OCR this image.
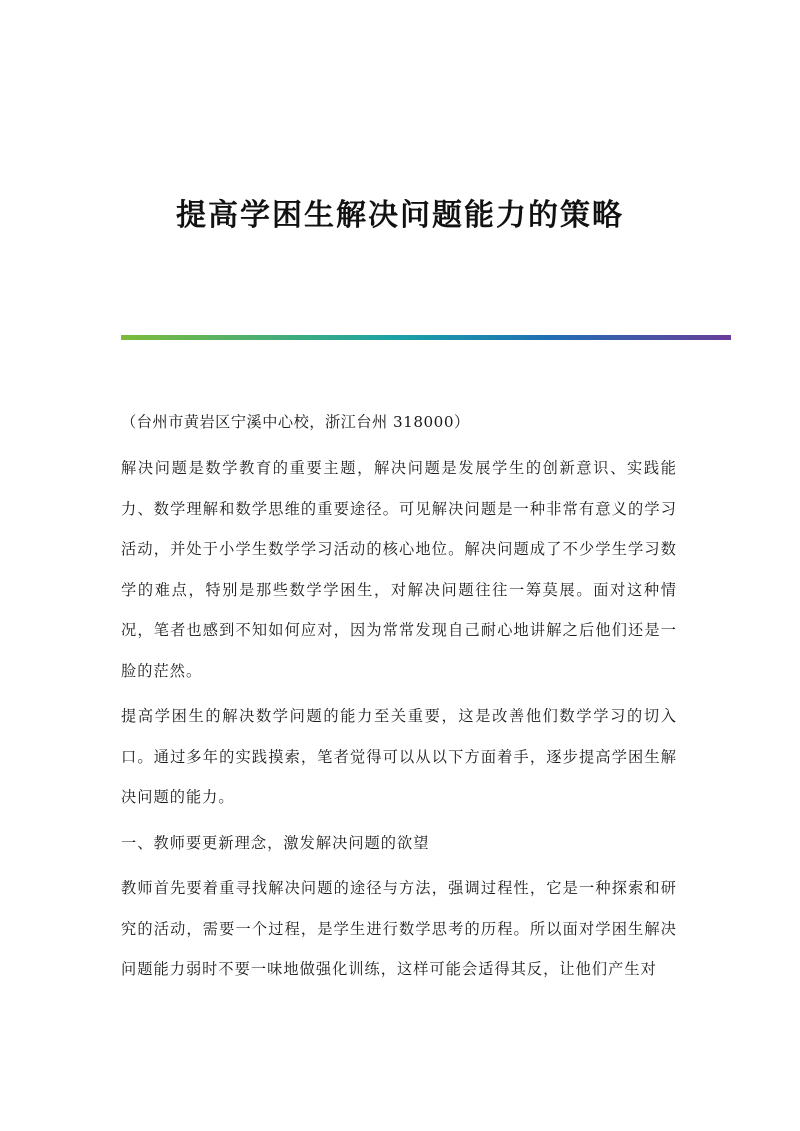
提高学困生解决问题能力的策略

（台州市黄岩区宁溪中心校，浙江台州 318000）

解决问题是数学教育的重要主题，解决问题是发展学生的创新意识、实践能力、数学理解和数学思维的重要途径。可见解决问题是一种非常有意义的学习活动，并处于小学生数学学习活动的核心地位。解决问题成了不少学生学习数学的难点，特别是那些数学学困生，对解决问题往往一筹莫展。面对这种情况，笔者也感到不知如何应对，因为常常发现自己耐心地讲解之后他们还是一脸的茫然。

提高学困生的解决数学问题的能力至关重要，这是改善他们数学学习的切入口。通过多年的实践摸索，笔者觉得可以从以下方面着手，逐步提高学困生解决问题的能力。

一、教师要更新理念，激发解决问题的欲望

教师首先要着重寻找解决问题的途径与方法，强调过程性，它是一种探索和研究的活动，需要一个过程，是学生进行数学思考的历程。所以面对学困生解决问题能力弱时不要一味地做强化训练，这样可能会适得其反，让他们产生对
